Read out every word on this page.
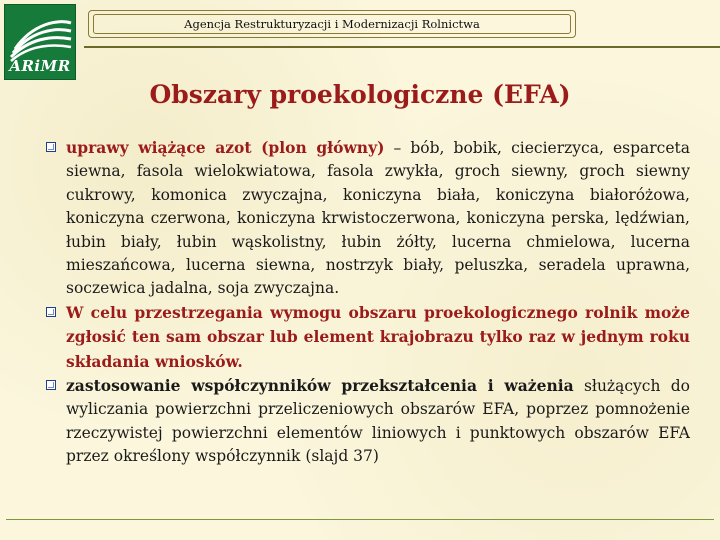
ARiMR
Agencja Restrukturyzacji i Modernizacji Rolnictwa
Obszary proekologiczne (EFA)
uprawy wiążące azot (plon główny) – bób, bobik, ciecierzyca, esparceta siewna, fasola wielokwiatowa, fasola zwykła, groch siewny, groch siewny cukrowy, komonica zwyczajna, koniczyna biała, koniczyna białoróżowa, koniczyna czerwona, koniczyna krwistoczerwona, koniczyna perska, lędźwian, łubin biały, łubin wąskolistny, łubin żółty, lucerna chmielowa, lucerna mieszańcowa, lucerna siewna, nostrzyk biały, peluszka, seradela uprawna, soczewica jadalna, soja zwyczajna.
W celu przestrzegania wymogu obszaru proekologicznego rolnik może zgłosić ten sam obszar lub element krajobrazu tylko raz w jednym roku składania wniosków.
zastosowanie współczynników przekształcenia i ważenia służących do wyliczania powierzchni przeliczeniowych obszarów EFA, poprzez pomnożenie rzeczywistej powierzchni elementów liniowych i punktowych obszarów EFA przez określony współczynnik (slajd 37)
